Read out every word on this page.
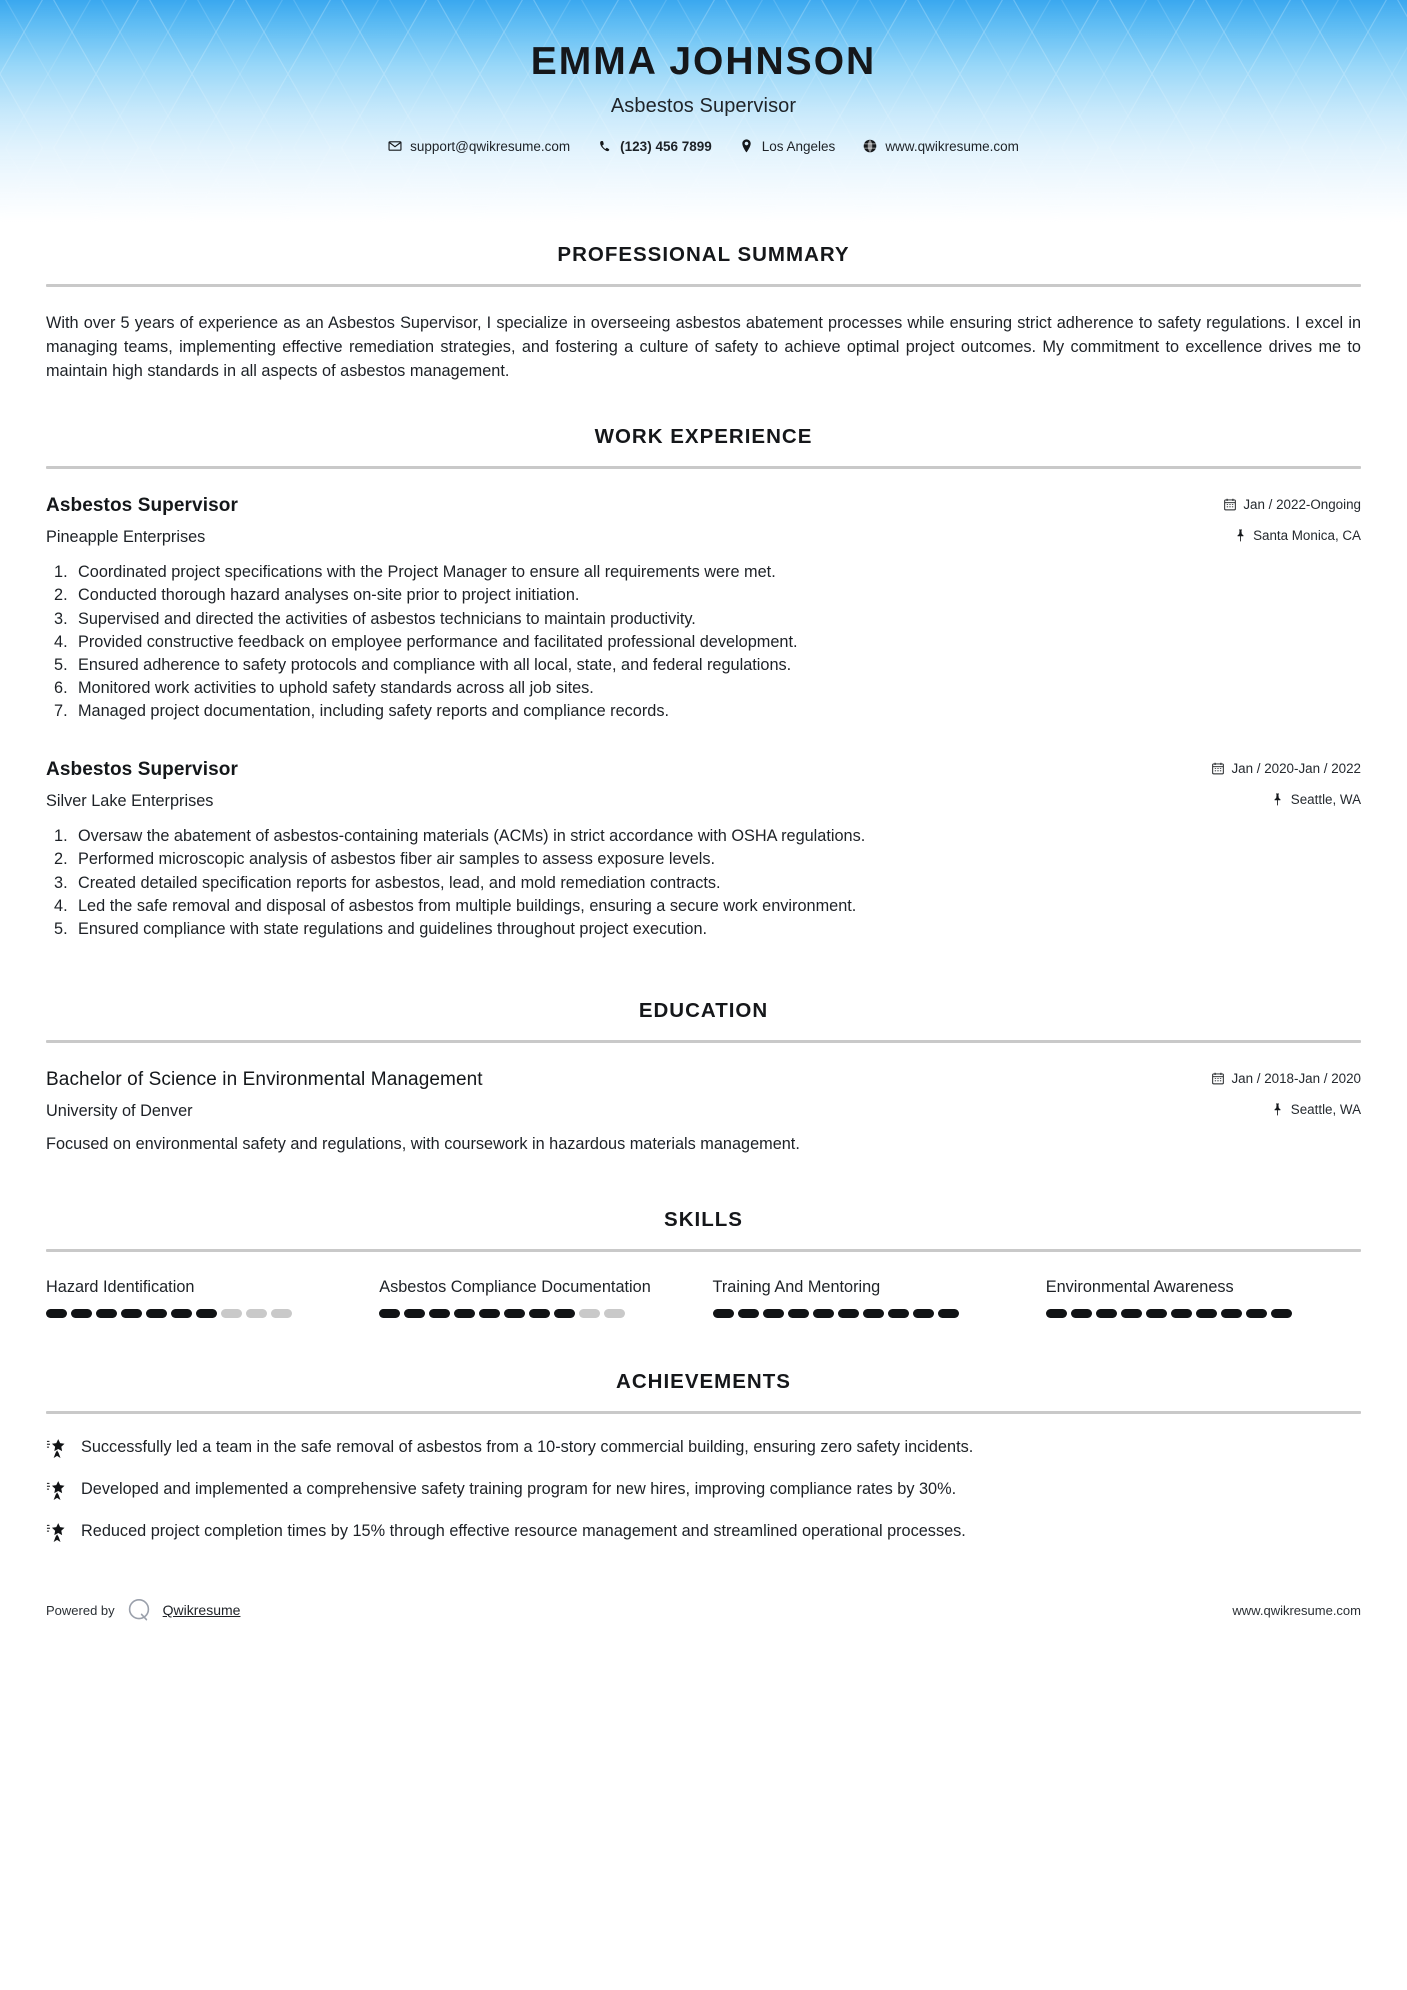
EMMA JOHNSON
Asbestos Supervisor
support@qwikresume.com	(123) 456 7899	Los Angeles	www.qwikresume.com
PROFESSIONAL SUMMARY

With over 5 years of experience as an Asbestos Supervisor, I specialize in overseeing asbestos abatement processes while ensuring strict adherence to safety regulations. I excel in managing teams, implementing effective remediation strategies, and fostering a culture of safety to achieve optimal project outcomes. My commitment to excellence drives me to maintain high standards in all aspects of asbestos management.

WORK EXPERIENCE
Asbestos Supervisor	Jan / 2022-Ongoing
Pineapple Enterprises	Santa Monica, CA
Coordinated project specifications with the Project Manager to ensure all requirements were met.
Conducted thorough hazard analyses on-site prior to project initiation.
Supervised and directed the activities of asbestos technicians to maintain productivity.
Provided constructive feedback on employee performance and facilitated professional development.
Ensured adherence to safety protocols and compliance with all local, state, and federal regulations.
Monitored work activities to uphold safety standards across all job sites.
Managed project documentation, including safety reports and compliance records.
Asbestos Supervisor	Jan / 2020-Jan / 2022
Silver Lake Enterprises	Seattle, WA
Oversaw the abatement of asbestos-containing materials (ACMs) in strict accordance with OSHA regulations.
Performed microscopic analysis of asbestos fiber air samples to assess exposure levels.
Created detailed specification reports for asbestos, lead, and mold remediation contracts.
Led the safe removal and disposal of asbestos from multiple buildings, ensuring a secure work environment.
Ensured compliance with state regulations and guidelines throughout project execution.
EDUCATION
Bachelor of Science in Environmental Management	Jan / 2018-Jan / 2020
University of Denver	Seattle, WA

Focused on environmental safety and regulations, with coursework in hazardous materials management.

SKILLS
Hazard Identification	Asbestos Compliance Documentation	Training And Mentoring	Environmental Awareness
ACHIEVEMENTS
Successfully led a team in the safe removal of asbestos from a 10-story commercial building, ensuring zero safety incidents.
Developed and implemented a comprehensive safety training program for new hires, improving compliance rates by 30%.
Reduced project completion times by 15% through effective resource management and streamlined operational processes.
Powered by	Qwikresume	www.qwikresume.com
